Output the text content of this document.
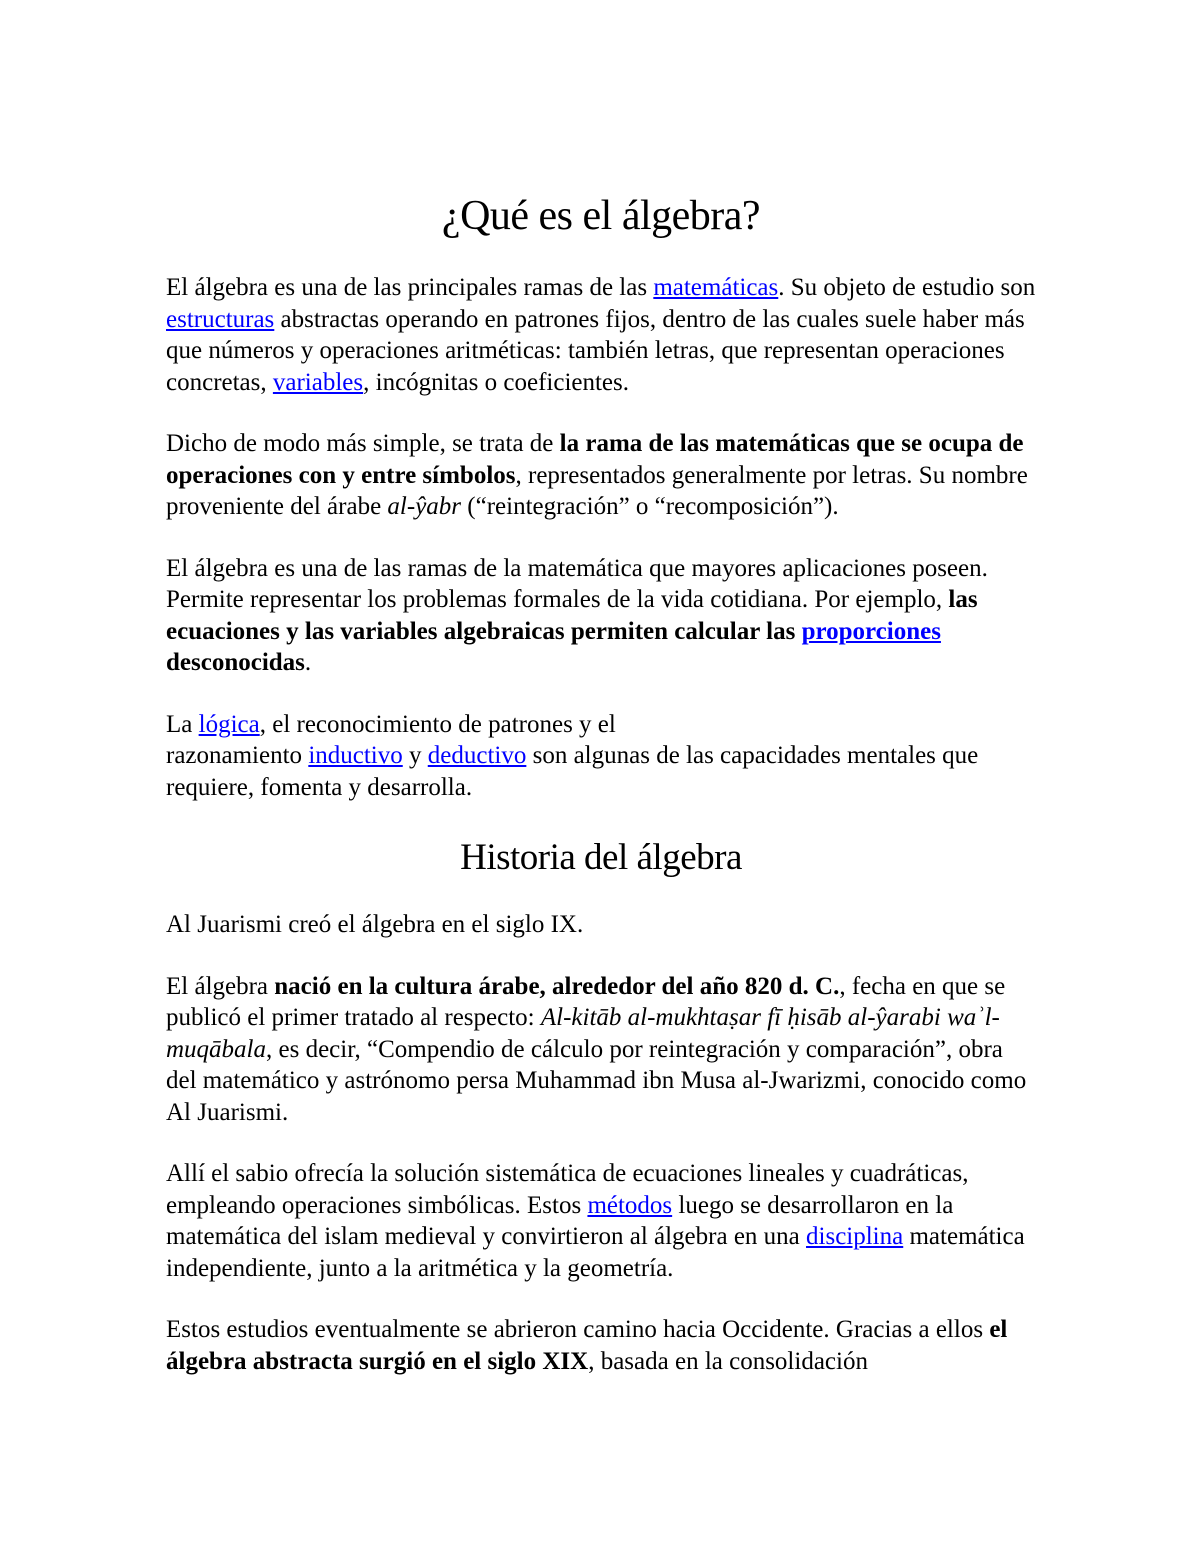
¿Qué es el álgebra?

El álgebra es una de las principales ramas de las matemáticas. Su objeto de estudio son estructuras abstractas operando en patrones fijos, dentro de las cuales suele haber más que números y operaciones aritméticas: también letras, que representan operaciones concretas, variables, incógnitas o coeficientes.

Dicho de modo más simple, se trata de la rama de las matemáticas que se ocupa de operaciones con y entre símbolos, representados generalmente por letras. Su nombre proveniente del árabe al-ŷabr (“reintegración” o “recomposición”).

El álgebra es una de las ramas de la matemática que mayores aplicaciones poseen. Permite representar los problemas formales de la vida cotidiana. Por ejemplo, las ecuaciones y las variables algebraicas permiten calcular las proporciones desconocidas.

La lógica, el reconocimiento de patrones y el
razonamiento inductivo y deductivo son algunas de las capacidades mentales que requiere, fomenta y desarrolla.

Historia del álgebra

Al Juarismi creó el álgebra en el siglo IX.

El álgebra nació en la cultura árabe, alrededor del año 820 d. C., fecha en que se publicó el primer tratado al respecto: Al-kitāb al-mukhtaṣar fī ḥisāb al-ŷarabi waʾl-muqābala, es decir, “Compendio de cálculo por reintegración y comparación”, obra del matemático y astrónomo persa Muhammad ibn Musa al-Jwarizmi, conocido como Al Juarismi.

Allí el sabio ofrecía la solución sistemática de ecuaciones lineales y cuadráticas, empleando operaciones simbólicas. Estos métodos luego se desarrollaron en la matemática del islam medieval y convirtieron al álgebra en una disciplina matemática independiente, junto a la aritmética y la geometría.

Estos estudios eventualmente se abrieron camino hacia Occidente. Gracias a ellos el álgebra abstracta surgió en el siglo XIX, basada en la consolidación
